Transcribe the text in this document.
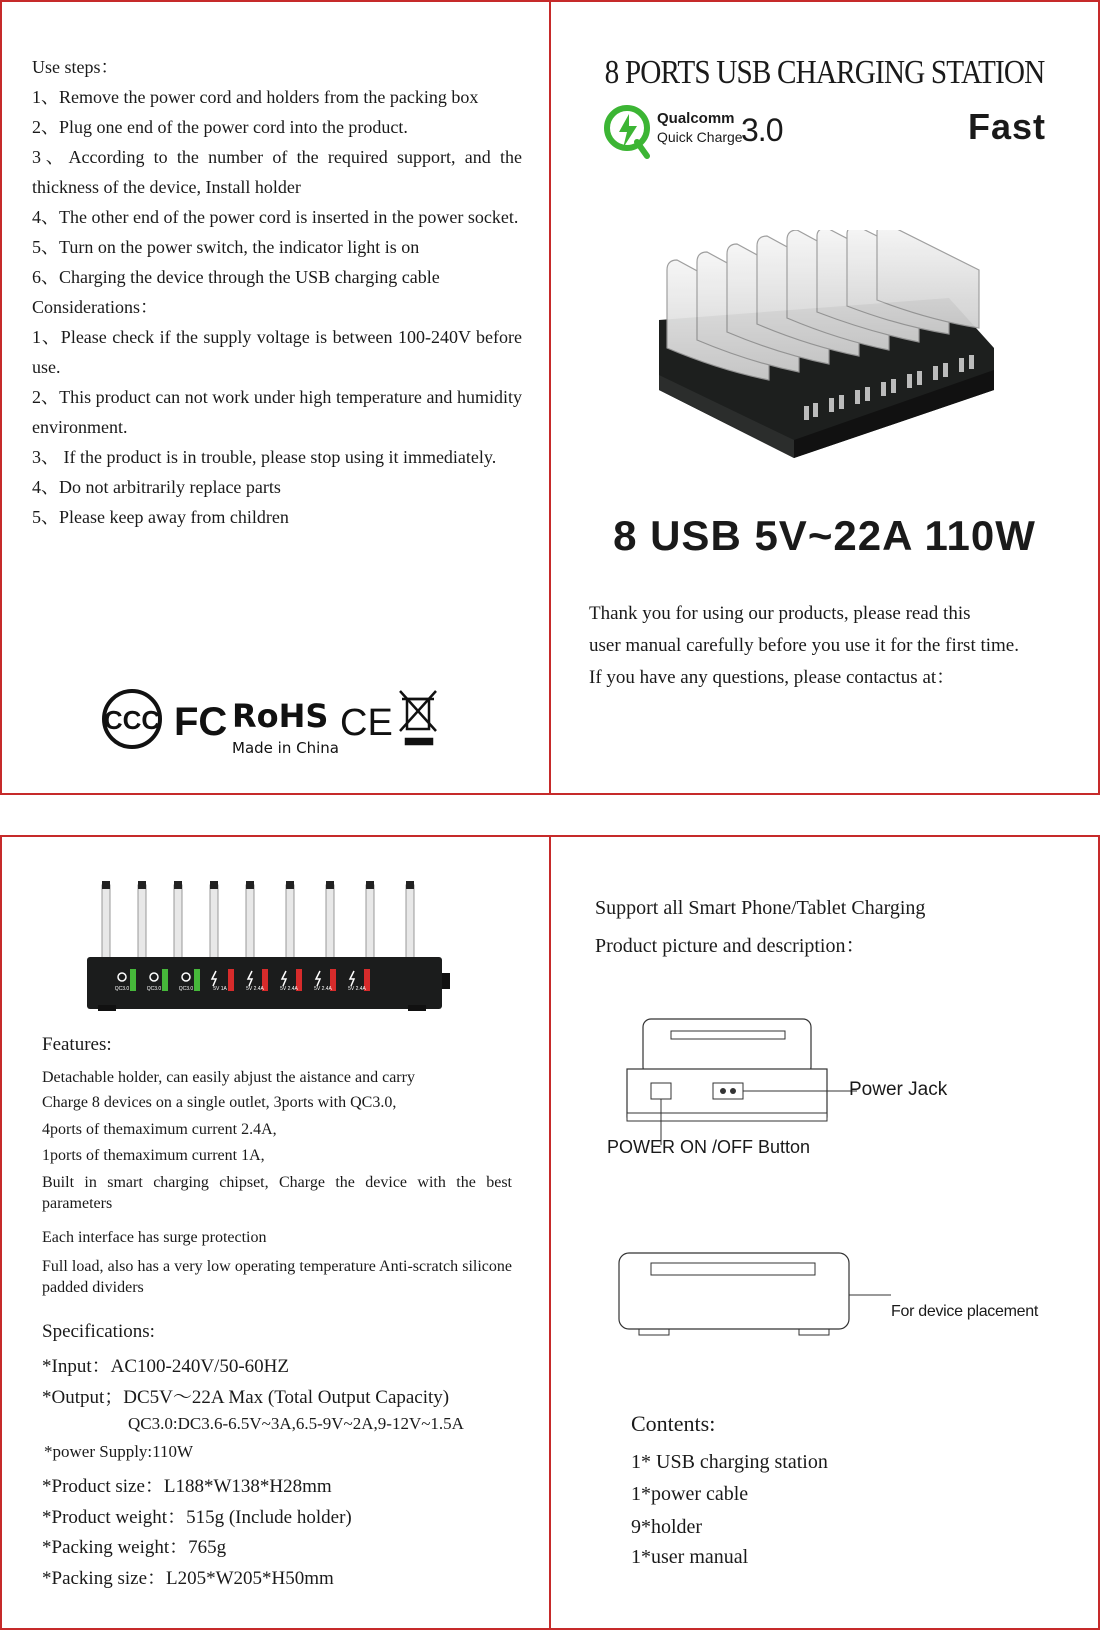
Use steps：
1、Remove the power cord and holders from the packing box
2、Plug one end of the power cord into the product.
3、According to the number of the required support, and the thickness of the device, Install holder
4、The other end of the power cord is inserted in the power socket.
5、Turn on the power switch, the indicator light is on
6、Charging the device through the USB charging cable
Considerations：
1、Please check if the supply voltage is between 100-240V before use.
2、This product can not work under high temperature and humidity environment.
3、 If the product is in trouble, please stop using it immediately.
4、Do not arbitrarily replace parts
5、Please keep away from children
CCC FC RoHS
Made in China
CE
8 PORTS USB CHARGING STATION
Qualcomm
Quick Charge
3.0	Fast
8 USB 5V~22A 110W
Thank you for using our products, please read this
user manual carefully before you use it for the first time.
If you have any questions, please contactus at：
QC3.0	QC3.0	QC3.0	5V 1A	5V 2.4A	5V 2.4A	5V 2.4A	5V 2.4A
Features:
Detachable holder, can easily abjust the aistance and carry
Charge 8 devices on a single outlet, 3ports with QC3.0,
4ports of themaximum current 2.4A,
1ports of themaximum current 1A,
Built in smart charging chipset, Charge the device with the best parameters
Each interface has surge protection
Full load, also has a very low operating temperature Anti-scratch silicone padded dividers
Specifications:
*Input：AC100-240V/50-60HZ
*Output；DC5V～22A Max (Total Output Capacity)
QC3.0:DC3.6-6.5V~3A,6.5-9V~2A,9-12V~1.5A
*power Supply:110W
*Product size：L188*W138*H28mm
*Product weight：515g (Include holder)
*Packing weight：765g
*Packing size：L205*W205*H50mm
Support all Smart Phone/Tablet Charging
Product picture and description：
Power Jack
POWER ON /OFF Button
For device placement
Contents:
1* USB charging station
1*power cable
9*holder
1*user manual
